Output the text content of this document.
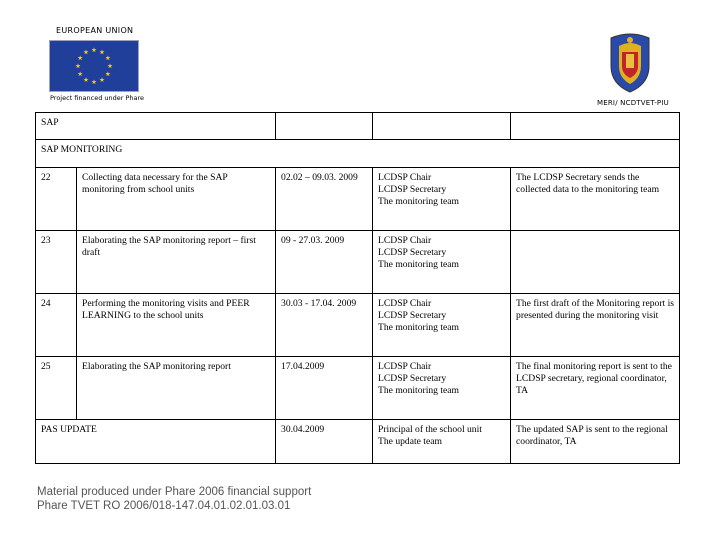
EUROPEAN UNION
Project financed under Phare
MERI/ NCDTVET-PIU
SAP				
SAP MONITORING				
22	Collecting data necessary for the SAP monitoring from school units	02.02 – 09.03. 2009	LCDSP Chair
LCDSP Secretary
The monitoring team	The LCDSP Secretary sends the collected data to the monitoring team
23	Elaborating the SAP monitoring report – first draft	09 - 27.03. 2009	LCDSP Chair
LCDSP Secretary
The monitoring team	

24	Performing the monitoring visits and PEER LEARNING to the school units	30.03 - 17.04. 2009	LCDSP Chair
LCDSP Secretary
The monitoring team	The first draft of the Monitoring report is presented during the monitoring visit
25	Elaborating the SAP monitoring report	17.04.2009	LCDSP Chair
LCDSP Secretary
The monitoring team	The final monitoring report is sent to the LCDSP secretary, regional coordinator, TA
PAS UPDATE		30.04.2009	Principal of the school unit
The update team	The updated SAP is sent to the regional coordinator, TA
Material produced under Phare 2006 financial support
Phare TVET RO 2006/018-147.04.01.02.01.03.01
